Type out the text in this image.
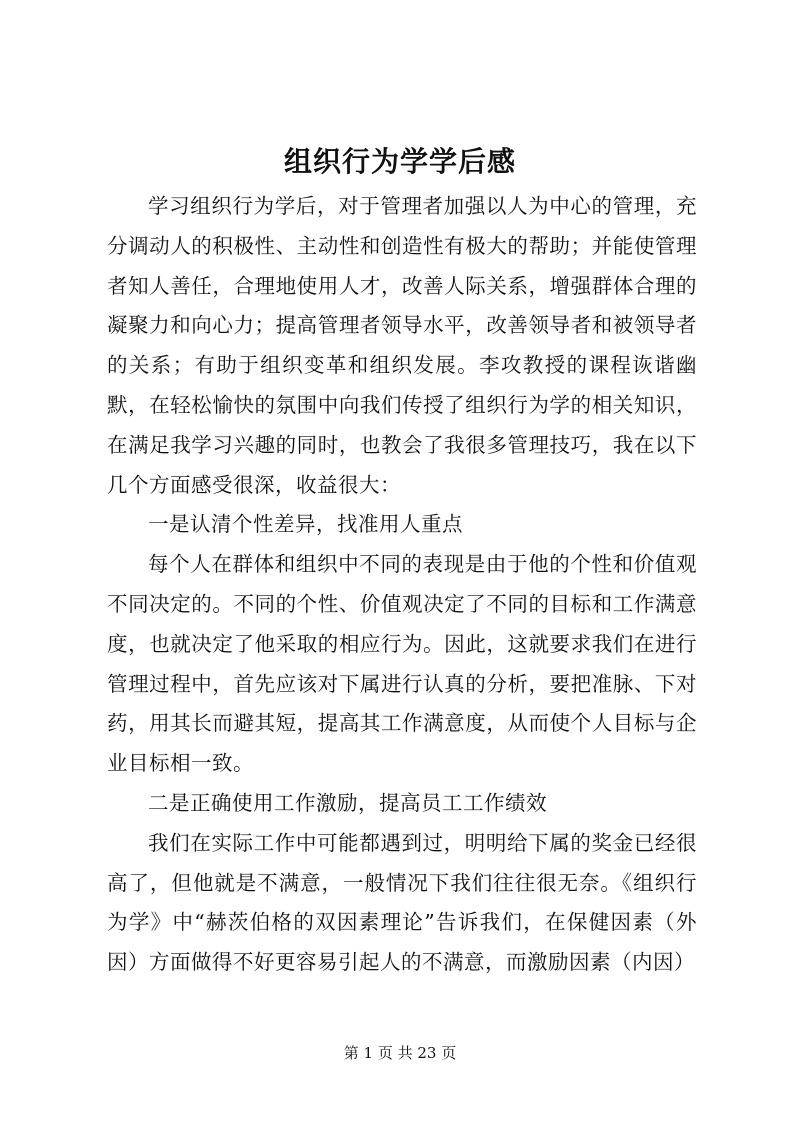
组织行为学学后感

学习组织行为学后，对于管理者加强以人为中心的管理，充分调动人的积极性、主动性和创造性有极大的帮助；并能使管理者知人善任，合理地使用人才，改善人际关系，增强群体合理的凝聚力和向心力；提高管理者领导水平，改善领导者和被领导者的关系；有助于组织变革和组织发展。李攻教授的课程诙谐幽默，在轻松愉快的氛围中向我们传授了组织行为学的相关知识，在满足我学习兴趣的同时，也教会了我很多管理技巧，我在以下几个方面感受很深，收益很大：

一是认清个性差异，找准用人重点

每个人在群体和组织中不同的表现是由于他的个性和价值观不同决定的。不同的个性、价值观决定了不同的目标和工作满意度，也就决定了他采取的相应行为。因此，这就要求我们在进行管理过程中，首先应该对下属进行认真的分析，要把准脉、下对药，用其长而避其短，提高其工作满意度，从而使个人目标与企业目标相一致。

二是正确使用工作激励，提高员工工作绩效

我们在实际工作中可能都遇到过，明明给下属的奖金已经很高了，但他就是不满意，一般情况下我们往往很无奈。《组织行为学》中“赫茨伯格的双因素理论”告诉我们，在保健因素（外因）方面做得不好更容易引起人的不满意，而激励因素（内因）

第 1 页 共 23 页
